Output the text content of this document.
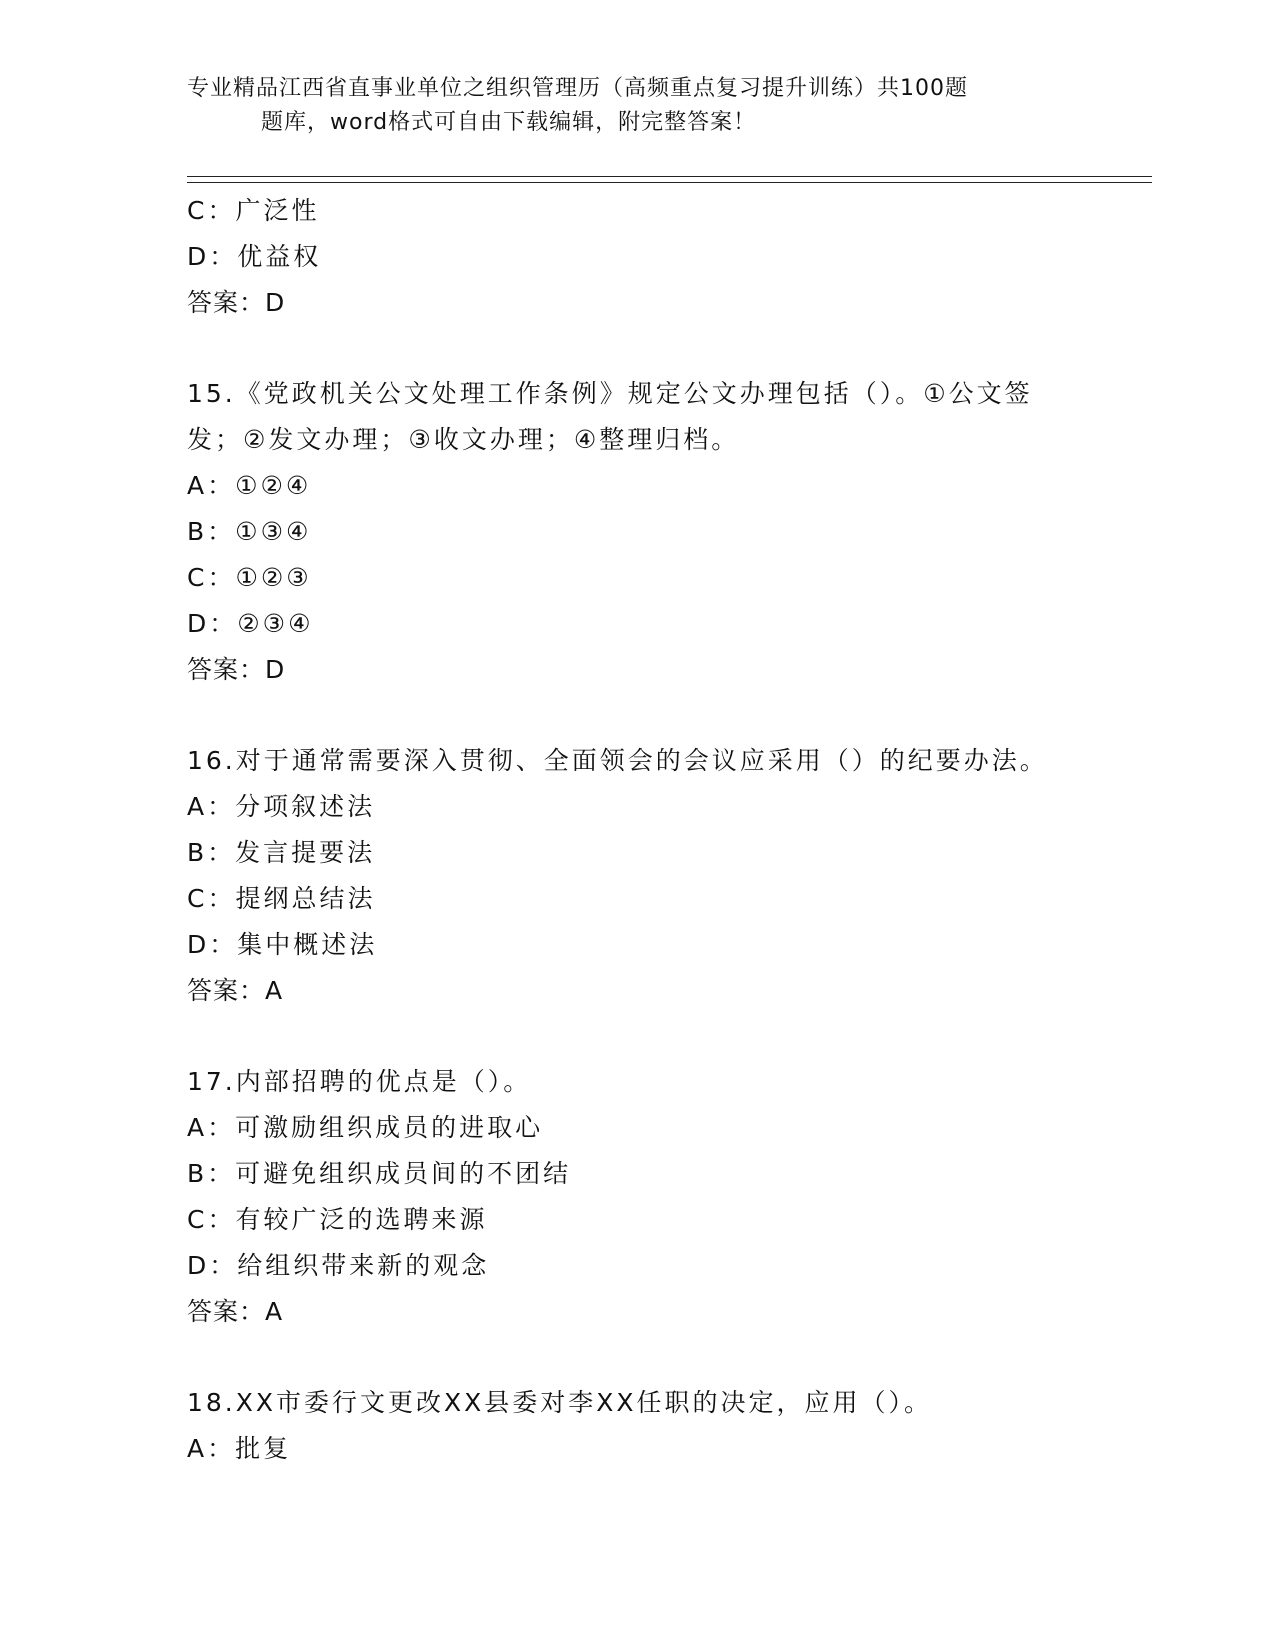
专业精品江西省直事业单位之组织管理历（高频重点复习提升训练）共100题
题库，word格式可自由下载编辑，附完整答案！
C：广泛性
D：优益权
答案：D
15.《党政机关公文处理工作条例》规定公文办理包括（）。①公文签
发；②发文办理；③收文办理；④整理归档。
A：①②④
B：①③④
C：①②③
D：②③④
答案：D
16.对于通常需要深入贯彻、全面领会的会议应采用（）的纪要办法。
A：分项叙述法
B：发言提要法
C：提纲总结法
D：集中概述法
答案：A
17.内部招聘的优点是（）。
A：可激励组织成员的进取心
B：可避免组织成员间的不团结
C：有较广泛的选聘来源
D：给组织带来新的观念
答案：A
18.XX市委行文更改XX县委对李XX任职的决定，应用（）。
A：批复
